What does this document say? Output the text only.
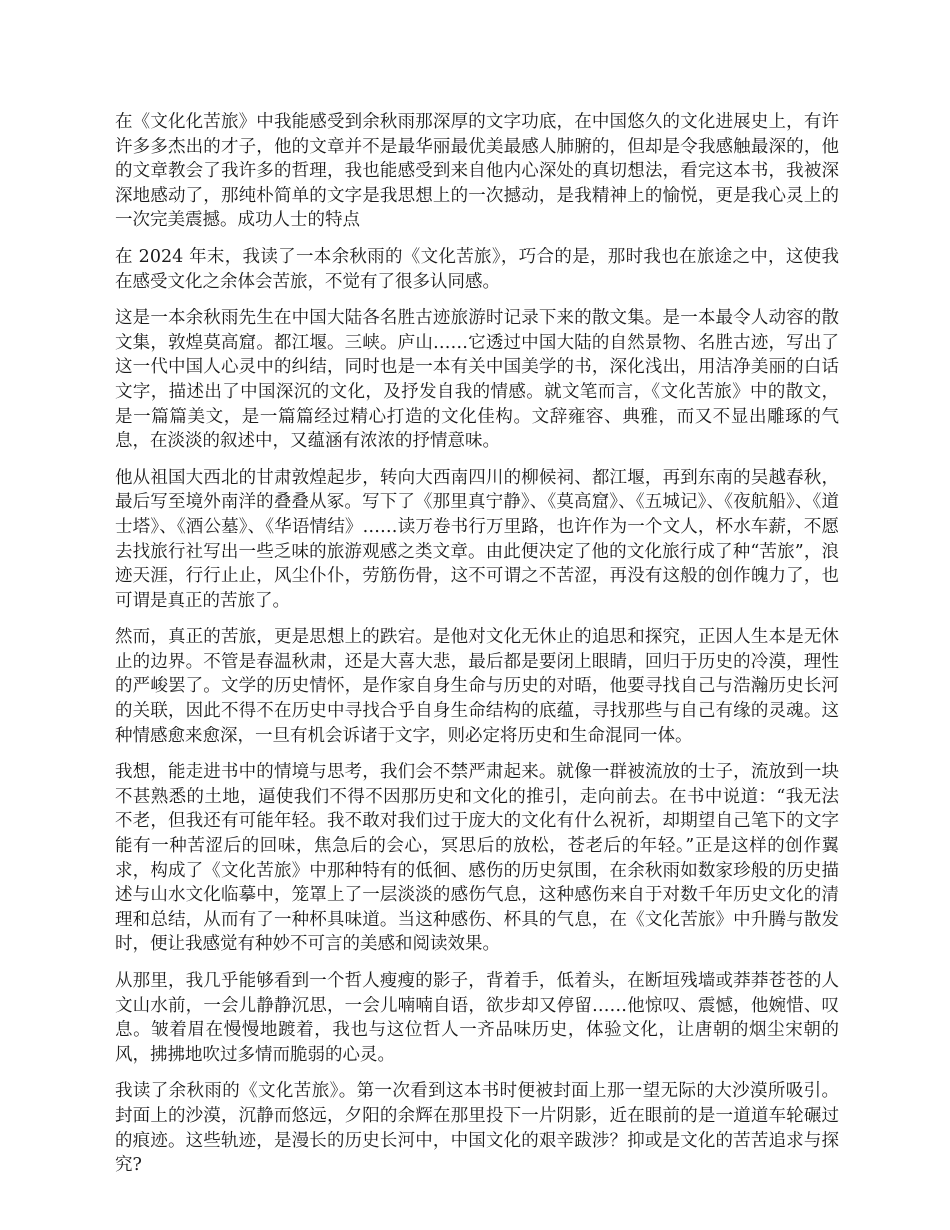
在《文化化苦旅》中我能感受到余秋雨那深厚的文字功底，在中国悠久的文化进展史上，有许许多多杰出的才子，他的文章并不是最华丽最优美最感人肺腑的，但却是令我感触最深的，他的文章教会了我许多的哲理，我也能感受到来自他内心深处的真切想法，看完这本书，我被深深地感动了，那纯朴简单的文字是我思想上的一次撼动，是我精神上的愉悦，更是我心灵上的一次完美震撼。成功人士的特点

在 2024 年末，我读了一本余秋雨的《文化苦旅》，巧合的是，那时我也在旅途之中，这使我在感受文化之余体会苦旅，不觉有了很多认同感。

这是一本余秋雨先生在中国大陆各名胜古迹旅游时记录下来的散文集。是一本最令人动容的散文集，敦煌莫高窟。都江堰。三峡。庐山……它透过中国大陆的自然景物、名胜古迹，写出了这一代中国人心灵中的纠结，同时也是一本有关中国美学的书，深化浅出，用洁净美丽的白话文字，描述出了中国深沉的文化，及抒发自我的情感。就文笔而言，《文化苦旅》中的散文，是一篇篇美文，是一篇篇经过精心打造的文化佳构。文辞雍容、典雅，而又不显出雕琢的气息，在淡淡的叙述中，又蕴涵有浓浓的抒情意味。

他从祖国大西北的甘肃敦煌起步，转向大西南四川的柳候祠、都江堰，再到东南的吴越春秋，最后写至境外南洋的叠叠从冢。写下了《那里真宁静》、《莫高窟》、《五城记》、《夜航船》、《道士塔》、《酒公墓》、《华语情结》……读万卷书行万里路，也许作为一个文人，杯水车薪，不愿去找旅行社写出一些乏味的旅游观感之类文章。由此便决定了他的文化旅行成了种“苦旅”，浪迹天涯，行行止止，风尘仆仆，劳筋伤骨，这不可谓之不苦涩，再没有这般的创作魄力了，也可谓是真正的苦旅了。

然而，真正的苦旅，更是思想上的跌宕。是他对文化无休止的追思和探究，正因人生本是无休止的边界。不管是春温秋肃，还是大喜大悲，最后都是要闭上眼睛，回归于历史的冷漠，理性的严峻罢了。文学的历史情怀，是作家自身生命与历史的对晤，他要寻找自己与浩瀚历史长河的关联，因此不得不在历史中寻找合乎自身生命结构的底蕴，寻找那些与自己有缘的灵魂。这种情感愈来愈深，一旦有机会诉诸于文字，则必定将历史和生命混同一体。

我想，能走进书中的情境与思考，我们会不禁严肃起来。就像一群被流放的士子，流放到一块不甚熟悉的土地，逼使我们不得不因那历史和文化的推引，走向前去。在书中说道：“我无法不老，但我还有可能年轻。我不敢对我们过于庞大的文化有什么祝祈，却期望自己笔下的文字能有一种苦涩后的回味，焦急后的会心，冥思后的放松，苍老后的年轻。”正是这样的创作翼求，构成了《文化苦旅》中那种特有的低徊、感伤的历史氛围，在余秋雨如数家珍般的历史描述与山水文化临摹中，笼罩上了一层淡淡的感伤气息，这种感伤来自于对数千年历史文化的清理和总结，从而有了一种杯具味道。当这种感伤、杯具的气息，在《文化苦旅》中升腾与散发时，便让我感觉有种妙不可言的美感和阅读效果。

从那里，我几乎能够看到一个哲人瘦瘦的影子，背着手，低着头，在断垣残墙或莽莽苍苍的人文山水前，一会儿静静沉思，一会儿喃喃自语，欲步却又停留……他惊叹、震憾，他婉惜、叹息。皱着眉在慢慢地踱着，我也与这位哲人一齐品味历史，体验文化，让唐朝的烟尘宋朝的风，拂拂地吹过多情而脆弱的心灵。

我读了余秋雨的《文化苦旅》。第一次看到这本书时便被封面上那一望无际的大沙漠所吸引。封面上的沙漠，沉静而悠远，夕阳的余辉在那里投下一片阴影，近在眼前的是一道道车轮碾过的痕迹。这些轨迹，是漫长的历史长河中，中国文化的艰辛跋涉？抑或是文化的苦苦追求与探究?
